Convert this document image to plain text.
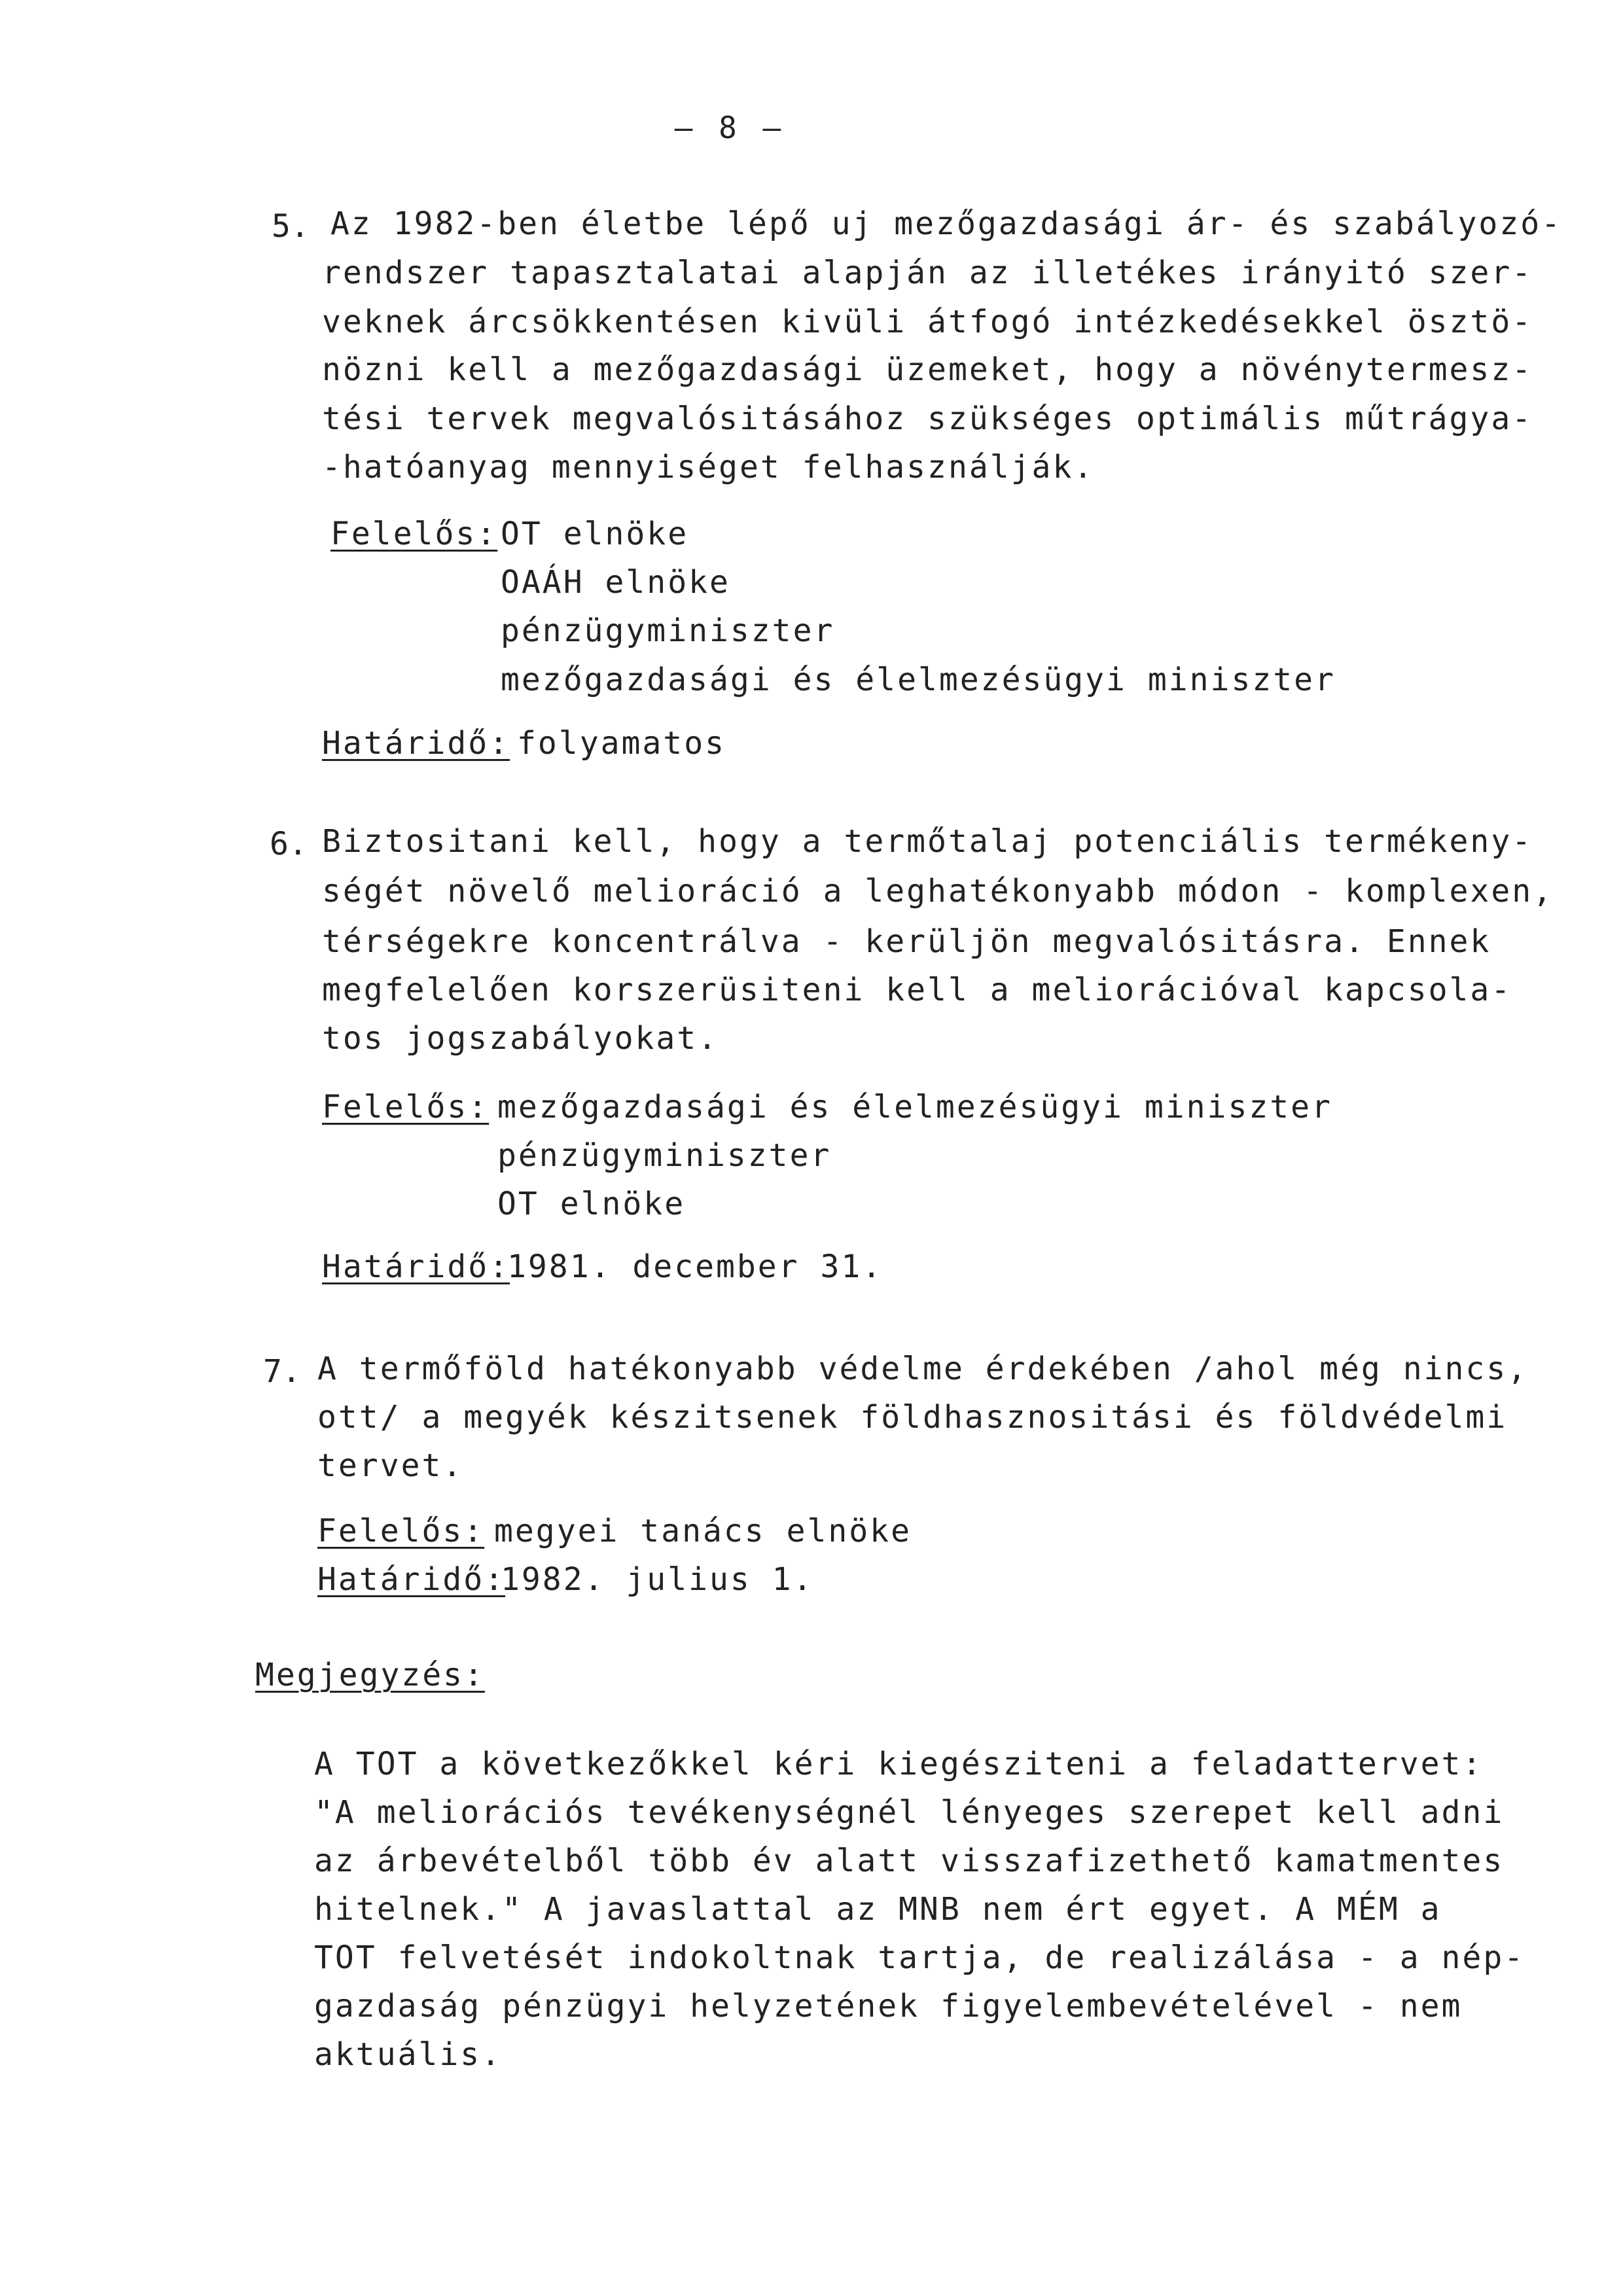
– 8 –
5. Az 1982-ben életbe lépő uj mezőgazdasági ár- és szabályozó-
rendszer tapasztalatai alapján az illetékes irányitó szer-
veknek árcsökkentésen kivüli átfogó intézkedésekkel ösztö-
nözni kell a mezőgazdasági üzemeket, hogy a növénytermesz-
tési tervek megvalósitásához szükséges optimális műtrágya-
-hatóanyag mennyiséget felhasználják.
Felelős: OT elnöke
OAÁH elnöke
pénzügyminiszter
mezőgazdasági és élelmezésügyi miniszter
Határidő: folyamatos
6. Biztositani kell, hogy a termőtalaj potenciális termékeny-
ségét növelő melioráció a leghatékonyabb módon - komplexen,
térségekre koncentrálva - kerüljön megvalósitásra. Ennek
megfelelően korszerüsiteni kell a meliorációval kapcsola-
tos jogszabályokat.
Felelős: mezőgazdasági és élelmezésügyi miniszter
pénzügyminiszter
OT elnöke
Határidő:
1981. december 31.
7. A termőföld hatékonyabb védelme érdekében /ahol még nincs,
ott/ a megyék készitsenek földhasznositási és földvédelmi
tervet.
Felelős: megyei tanács elnöke
Határidő:
1982. julius 1.
Megjegyzés:
A TOT a következőkkel kéri kiegésziteni a feladattervet:
"A meliorációs tevékenységnél lényeges szerepet kell adni
az árbevételből több év alatt visszafizethető kamatmentes
hitelnek." A javaslattal az MNB nem ért egyet. A MÉM a
TOT felvetését indokoltnak tartja, de realizálása - a nép-
gazdaság pénzügyi helyzetének figyelembevételével - nem
aktuális.
